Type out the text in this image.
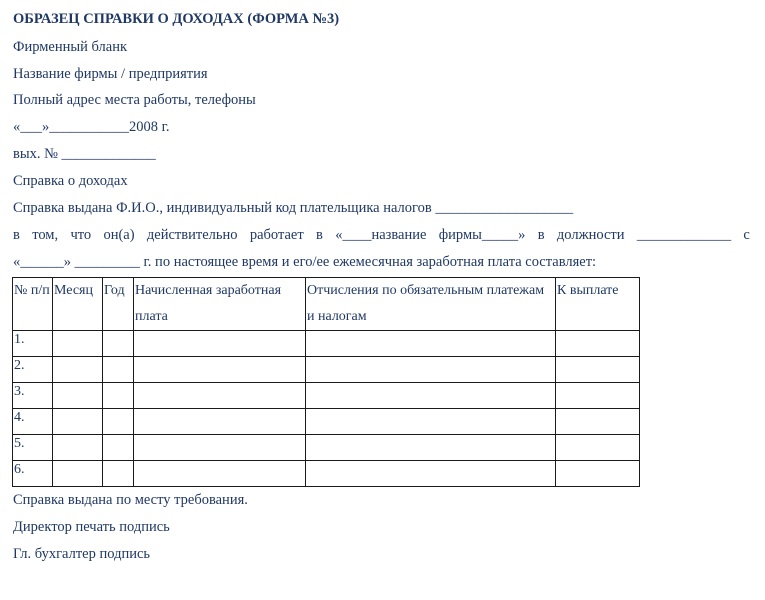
ОБРАЗЕЦ СПРАВКИ О ДОХОДАХ (ФОРМА №3)
Фирменный бланк
Название фирмы / предприятия
Полный адрес места работы, телефоны
«___»___________2008 г.
вых. № _____________
Справка о доходах
Справка выдана Ф.И.О., индивидуальный код плательщика налогов ___________________
в том, что он(а) действительно работает в «____название фирмы_____» в должности _____________ с
«______» _________ г. по настоящее время и его/ее ежемесячная заработная плата составляет:
№ п/п	Месяц	Год	Начисленная заработная плата	Отчисления по обязательным платежам и налогам	К выплате

1.					
2.					
3.					
4.					
5.					
6.					
Справка выдана по месту требования.
Директор печать подпись
Гл. бухгалтер подпись
